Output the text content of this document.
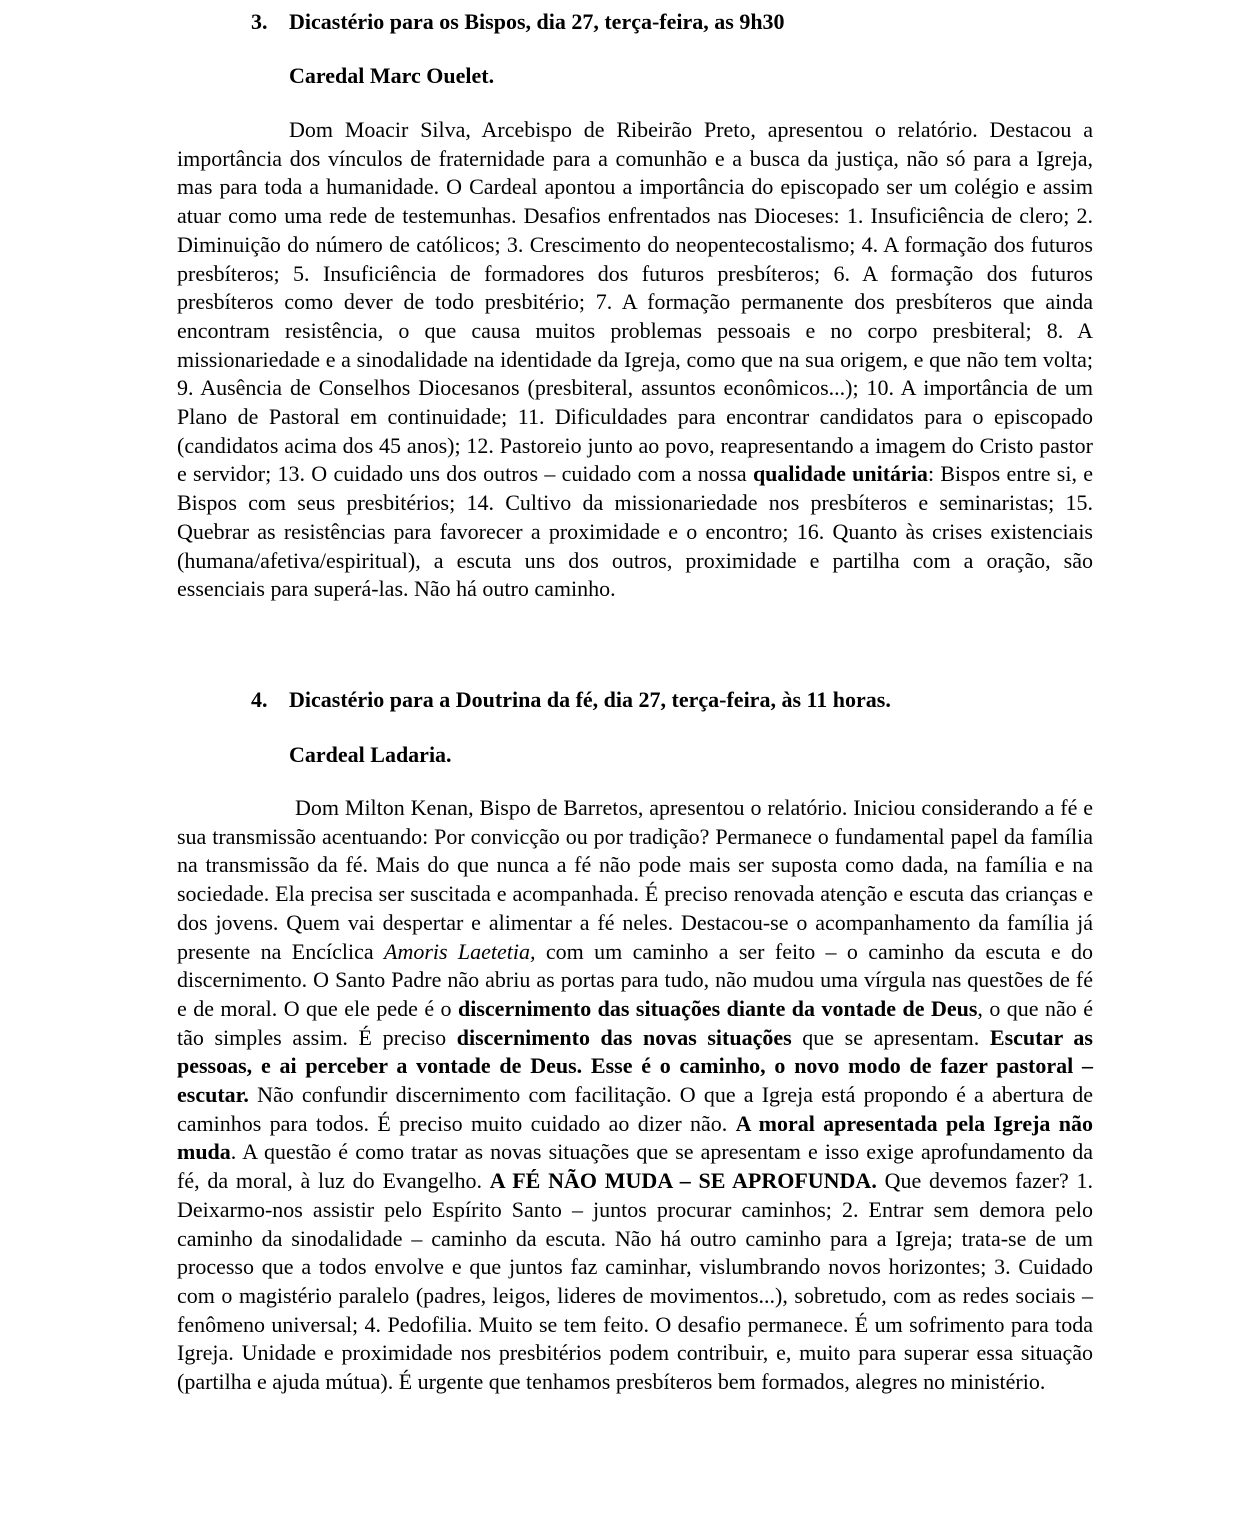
3. Dicastério para os Bispos, dia 27, terça-feira, as 9h30
Caredal Marc Ouelet.

Dom Moacir Silva, Arcebispo de Ribeirão Preto, apresentou o relatório. Destacou a importância dos vínculos de fraternidade para a comunhão e a busca da justiça, não só para a Igreja, mas para toda a humanidade. O Cardeal apontou a importância do episcopado ser um colégio e assim atuar como uma rede de testemunhas. Desafios enfrentados nas Dioceses: 1. Insuficiência de clero; 2. Diminuição do número de católicos; 3. Crescimento do neopentecostalismo; 4. A formação dos futuros presbíteros; 5. Insuficiência de formadores dos futuros presbíteros; 6. A formação dos futuros presbíteros como dever de todo presbitério; 7. A formação permanente dos presbíteros que ainda encontram resistência, o que causa muitos problemas pessoais e no corpo presbiteral; 8. A missionariedade e a sinodalidade na identidade da Igreja, como que na sua origem, e que não tem volta; 9. Ausência de Conselhos Diocesanos (presbiteral, assuntos econômicos...); 10. A importância de um Plano de Pastoral em continuidade; 11. Dificuldades para encontrar candidatos para o episcopado (candidatos acima dos 45 anos); 12. Pastoreio junto ao povo, reapresentando a imagem do Cristo pastor e servidor; 13. O cuidado uns dos outros – cuidado com a nossa qualidade unitária: Bispos entre si, e Bispos com seus presbitérios; 14. Cultivo da missionariedade nos presbíteros e seminaristas; 15. Quebrar as resistências para favorecer a proximidade e o encontro; 16. Quanto às crises existenciais (humana/afetiva/espiritual), a escuta uns dos outros, proximidade e partilha com a oração, são essenciais para superá-las. Não há outro caminho.

4. Dicastério para a Doutrina da fé, dia 27, terça-feira, às 11 horas.
Cardeal Ladaria.

Dom Milton Kenan, Bispo de Barretos, apresentou o relatório. Iniciou considerando a fé e sua transmissão acentuando: Por convicção ou por tradição? Permanece o fundamental papel da família na transmissão da fé. Mais do que nunca a fé não pode mais ser suposta como dada, na família e na sociedade. Ela precisa ser suscitada e acompanhada. É preciso renovada atenção e escuta das crianças e dos jovens. Quem vai despertar e alimentar a fé neles. Destacou-se o acompanhamento da família já presente na Encíclica Amoris Laetetia, com um caminho a ser feito – o caminho da escuta e do discernimento. O Santo Padre não abriu as portas para tudo, não mudou uma vírgula nas questões de fé e de moral. O que ele pede é o discernimento das situações diante da vontade de Deus, o que não é tão simples assim. É preciso discernimento das novas situações que se apresentam. Escutar as pessoas, e ai perceber a vontade de Deus. Esse é o caminho, o novo modo de fazer pastoral – escutar. Não confundir discernimento com facilitação. O que a Igreja está propondo é a abertura de caminhos para todos. É preciso muito cuidado ao dizer não. A moral apresentada pela Igreja não muda. A questão é como tratar as novas situações que se apresentam e isso exige aprofundamento da fé, da moral, à luz do Evangelho. A FÉ NÃO MUDA – SE APROFUNDA. Que devemos fazer? 1. Deixarmo-nos assistir pelo Espírito Santo – juntos procurar caminhos; 2. Entrar sem demora pelo caminho da sinodalidade – caminho da escuta. Não há outro caminho para a Igreja; trata-se de um processo que a todos envolve e que juntos faz caminhar, vislumbrando novos horizontes; 3. Cuidado com o magistério paralelo (padres, leigos, lideres de movimentos...), sobretudo, com as redes sociais – fenômeno universal; 4. Pedofilia. Muito se tem feito. O desafio permanece. É um sofrimento para toda Igreja. Unidade e proximidade nos presbitérios podem contribuir, e, muito para superar essa situação (partilha e ajuda mútua). É urgente que tenhamos presbíteros bem formados, alegres no ministério.
